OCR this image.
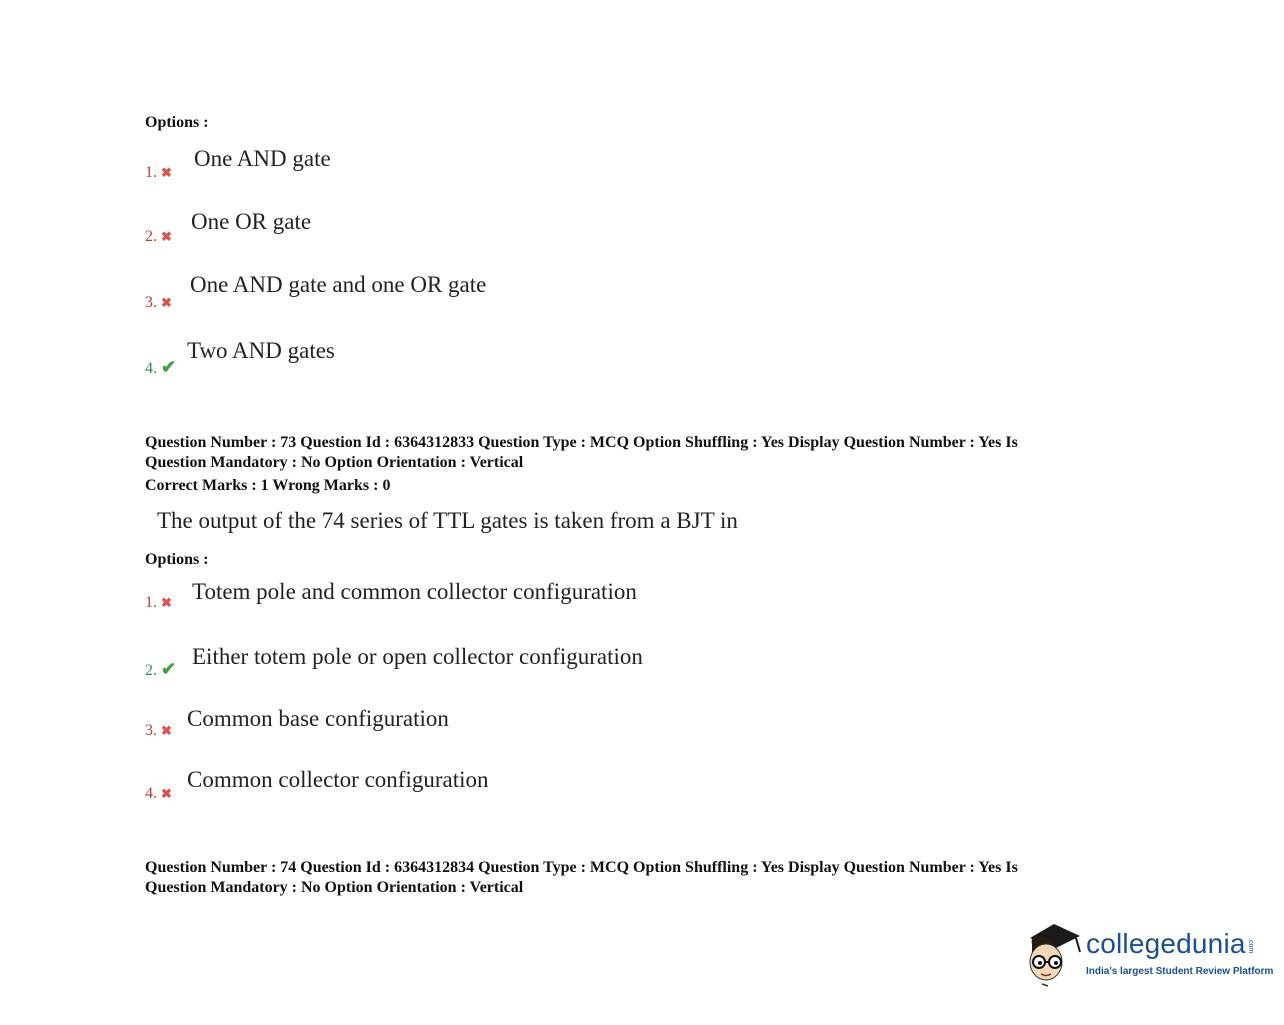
Options :
1. ✖
One AND gate
2. ✖
One OR gate
3. ✖
One AND gate and one OR gate
4. ✔
Two AND gates
Question Number : 73 Question Id : 6364312833 Question Type : MCQ Option Shuffling : Yes Display Question Number : Yes Is
Question Mandatory : No Option Orientation : Vertical
Correct Marks : 1 Wrong Marks : 0
The output of the 74 series of TTL gates is taken from a BJT in
Options :
1. ✖ Totem pole and common collector configuration
2. ✔ Either totem pole or open collector configuration
3. ✖ Common base configuration
4. ✖
Common collector configuration
Question Number : 74 Question Id : 6364312834 Question Type : MCQ Option Shuffling : Yes Display Question Number : Yes Is
Question Mandatory : No Option Orientation : Vertical
collegedunia .com
India's largest Student Review Platform
